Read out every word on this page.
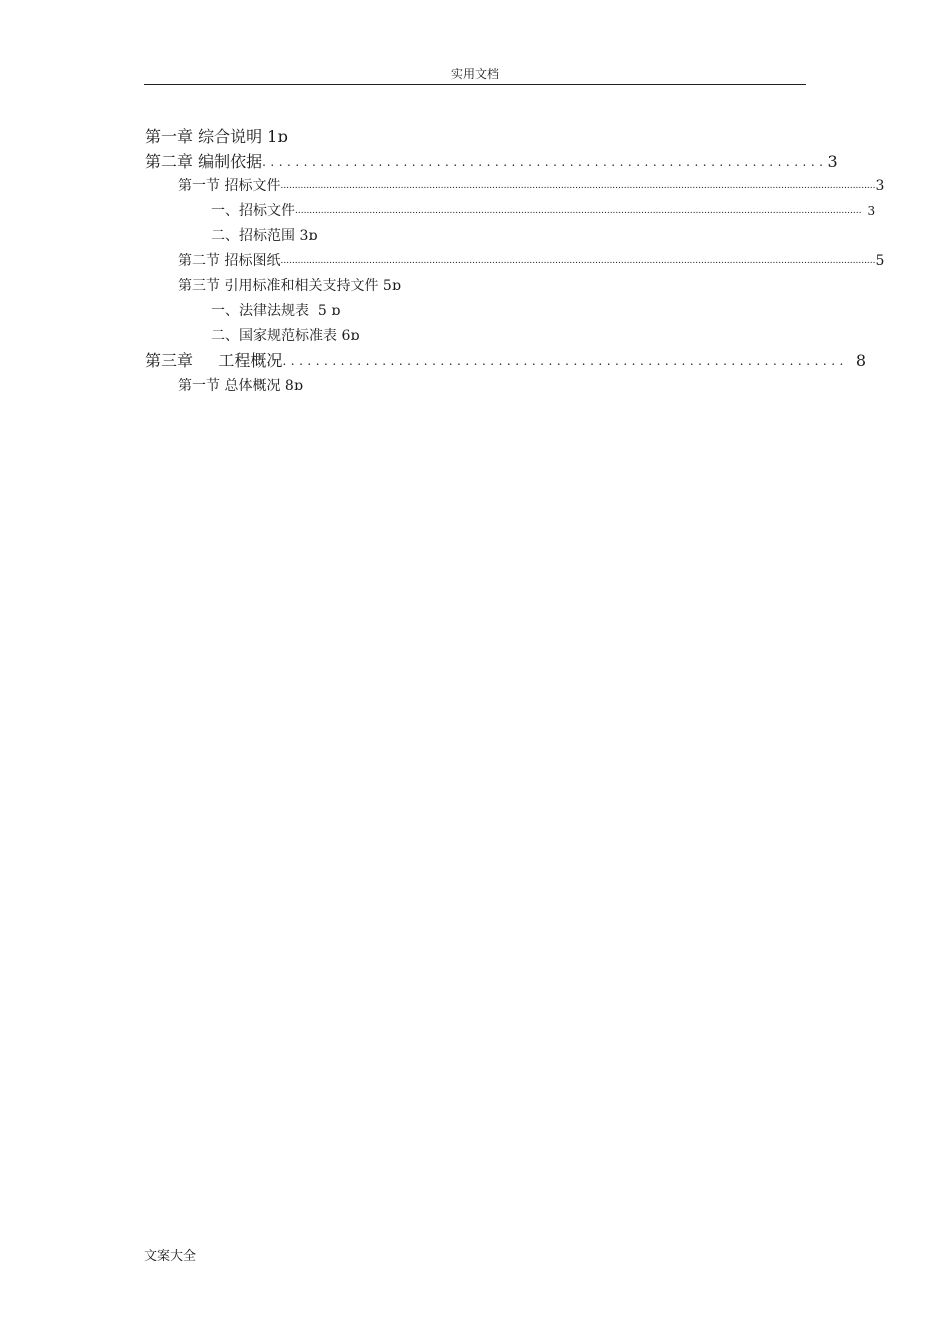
实用文档
第一章 综合说明 1 ɒ
第二章 编制依据 .................................................................... 3
第一节 招标文件 ................................................................................................................................................................................................................ 3
一、招标文件 ...................................................................................................................................................................................................... 3
二、招标范围 3 ɒ
第二节 招标图纸 ................................................................................................................................................................................................................ 5
第三节 引用标准和相关支持文件 5 ɒ
一、法律法规表  5 ɒ
二、国家规范标准表 6 ɒ
第三章     工程概况 .................................................................... 8
第一节 总体概况 8 ɒ
文案大全
